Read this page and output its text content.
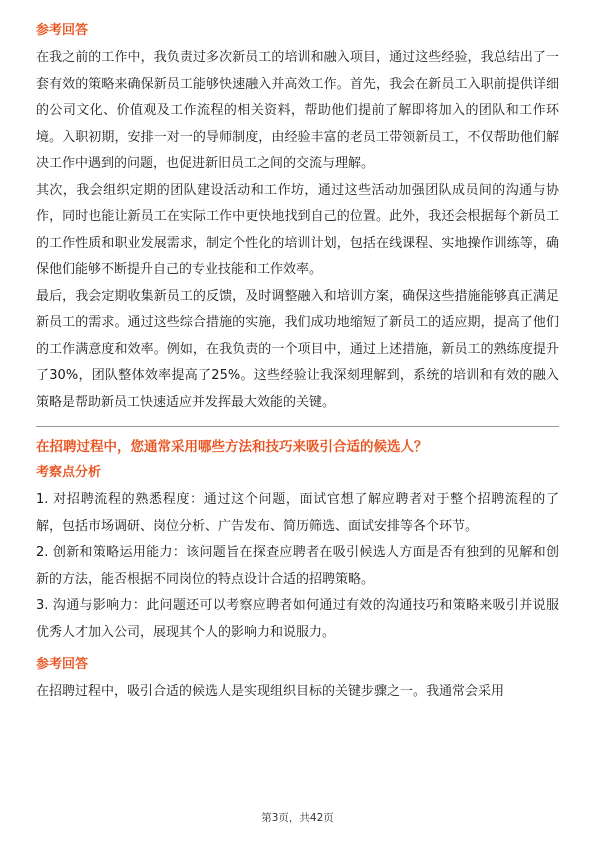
参考回答

在我之前的工作中，我负责过多次新员工的培训和融入项目，通过这些经验，我总结出了一套有效的策略来确保新员工能够快速融入并高效工作。首先，我会在新员工入职前提供详细的公司文化、价值观及工作流程的相关资料，帮助他们提前了解即将加入的团队和工作环境。入职初期，安排一对一的导师制度，由经验丰富的老员工带领新员工，不仅帮助他们解决工作中遇到的问题，也促进新旧员工之间的交流与理解。

其次，我会组织定期的团队建设活动和工作坊，通过这些活动加强团队成员间的沟通与协作，同时也能让新员工在实际工作中更快地找到自己的位置。此外，我还会根据每个新员工的工作性质和职业发展需求，制定个性化的培训计划，包括在线课程、实地操作训练等，确保他们能够不断提升自己的专业技能和工作效率。

最后，我会定期收集新员工的反馈，及时调整融入和培训方案，确保这些措施能够真正满足新员工的需求。通过这些综合措施的实施，我们成功地缩短了新员工的适应期，提高了他们的工作满意度和效率。例如，在我负责的一个项目中，通过上述措施，新员工的熟练度提升了30%，团队整体效率提高了25%。这些经验让我深刻理解到，系统的培训和有效的融入策略是帮助新员工快速适应并发挥最大效能的关键。

在招聘过程中，您通常采用哪些方法和技巧来吸引合适的候选人？
考察点分析

1. 对招聘流程的熟悉程度：通过这个问题，面试官想了解应聘者对于整个招聘流程的了解，包括市场调研、岗位分析、广告发布、简历筛选、面试安排等各个环节。

2. 创新和策略运用能力：该问题旨在探查应聘者在吸引候选人方面是否有独到的见解和创新的方法，能否根据不同岗位的特点设计合适的招聘策略。

3. 沟通与影响力：此问题还可以考察应聘者如何通过有效的沟通技巧和策略来吸引并说服优秀人才加入公司，展现其个人的影响力和说服力。

参考回答

在招聘过程中，吸引合适的候选人是实现组织目标的关键步骤之一。我通常会采用

第3页，共42页
